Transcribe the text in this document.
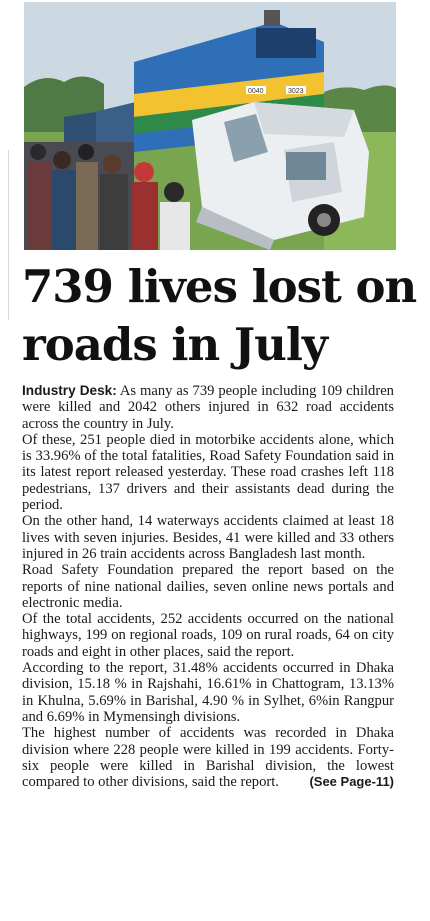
0040	3023
739 lives lost on
roads in July

Industry Desk: As many as 739 people including 109 children were killed and 2042 others injured in 632 road accidents across the country in July.

Of these, 251 people died in motorbike accidents alone, which is 33.96% of the total fatalities, Road Safety Foundation said in its latest report released yesterday. These road crashes left 118 pedestrians, 137 drivers and their assistants dead during the period.

On the other hand, 14 waterways accidents claimed at least 18 lives with seven injuries. Besides, 41 were killed and 33 others injured in 26 train accidents across Bangladesh last month.

Road Safety Foundation prepared the report based on the reports of nine national dailies, seven online news portals and electronic media.

Of the total accidents, 252 accidents occurred on the national highways, 199 on regional roads, 109 on rural roads, 64 on city roads and eight in other places, said the report.

According to the report, 31.48% accidents occurred in Dhaka division, 15.18 % in Rajshahi, 16.61% in Chattogram, 13.13% in Khulna, 5.69% in Barishal, 4.90 % in Sylhet, 6%in Rangpur and 6.69% in Mymensingh divisions.

The highest number of accidents was recorded in Dhaka division where 228 people were killed in 199 accidents. Forty-six people were killed in Barishal division, the lowest compared to other divisions, said the report.	(See Page-11)
